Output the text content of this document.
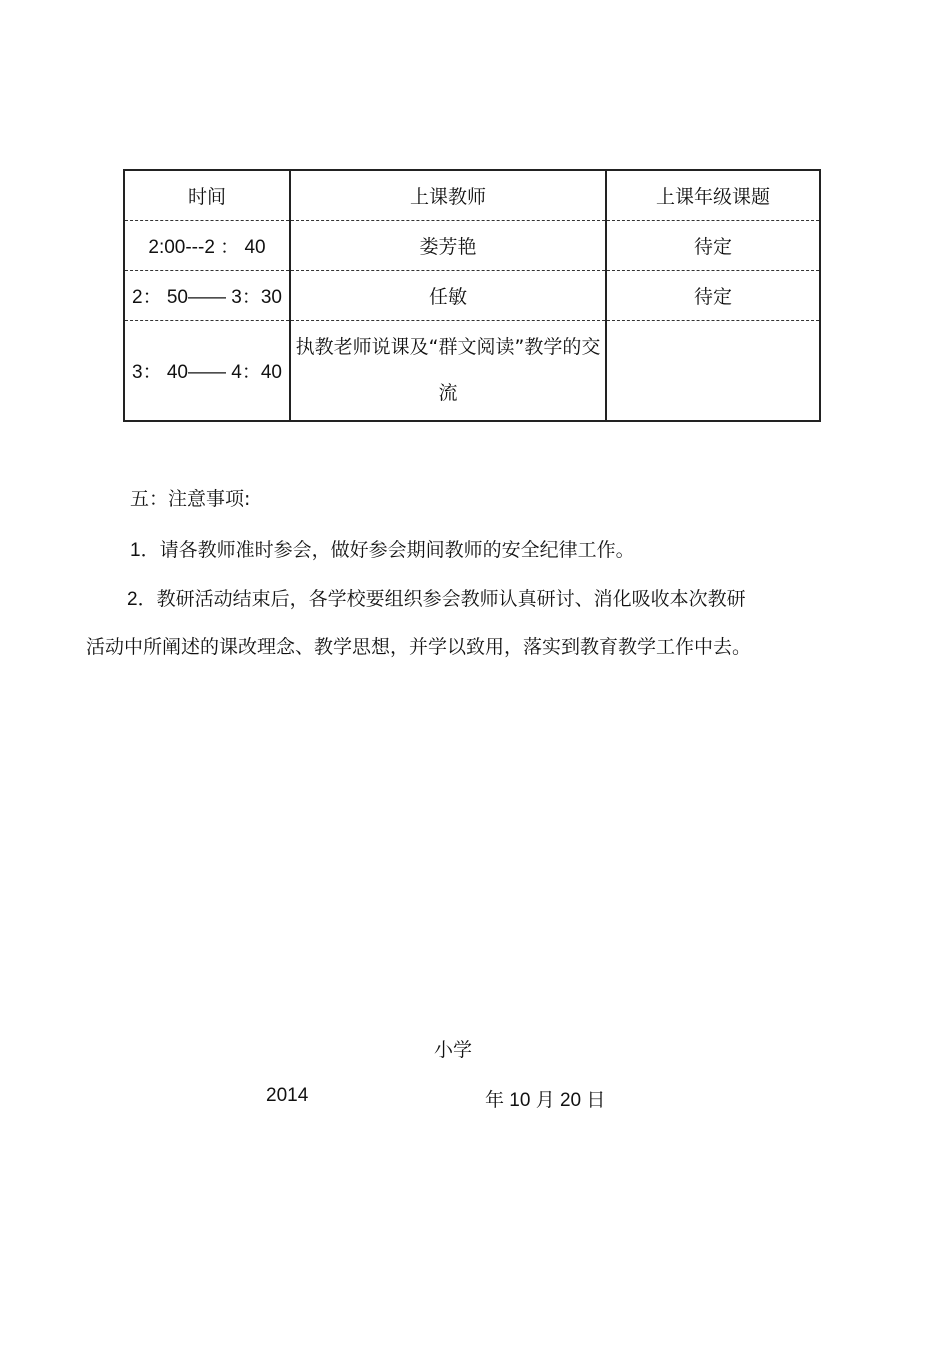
时间	上课教师	上课年级课题
2:00---2 ： 40	娄芳艳	待定
2： 50—— 3：30	任敏	待定
3： 40—— 4：40	执教老师说课及“群文阅读”教学的交流	
五：注意事项:
1．请各教师准时参会，做好参会期间教师的安全纪律工作。
2．教研活动结束后，各学校要组织参会教师认真研讨、消化吸收本次教研
活动中所阐述的课改理念、教学思想，并学以致用，落实到教育教学工作中去。
小学
2014	年 10 月 20 日
